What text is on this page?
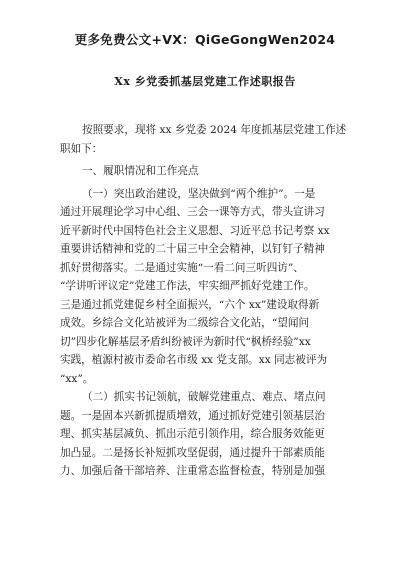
更多免费公文+VX：QiGeGongWen2024
Xx 乡党委抓基层党建工作述职报告
按照要求，现将 xx 乡党委 2024 年度抓基层党建工作述
职如下：
一、履职情况和工作亮点
（一）突出政治建设，坚决做到“两个维护”。一是
通过开展理论学习中心组、三会一课等方式，带头宣讲习
近平新时代中国特色社会主义思想、习近平总书记考察 xx
重要讲话精神和党的二十届三中全会精神，以钉钉子精神
抓好贯彻落实。二是通过实施“一看二问三听四访”、
“学讲听评议定”党建工作法，牢实细严抓好党建工作。
三是通过抓党建促乡村全面振兴，“六个 xx”建设取得新
成效。乡综合文化站被评为二级综合文化站，“望闻问
切”四步化解基层矛盾纠纷被评为新时代“枫桥经验”xx
实践，植源村被市委命名市级 xx 党支部。xx 同志被评为
“xx”。
（二）抓实书记领航，破解党建重点、难点、堵点问
题。一是固本兴新抓提质增效，通过抓好党建引领基层治
理、抓实基层减负、抓出示范引领作用，综合服务效能更
加凸显。二是扬长补短抓攻坚促弱，通过提升干部素质能
力、加强后备干部培养、注重常态监督检查，特别是加强
